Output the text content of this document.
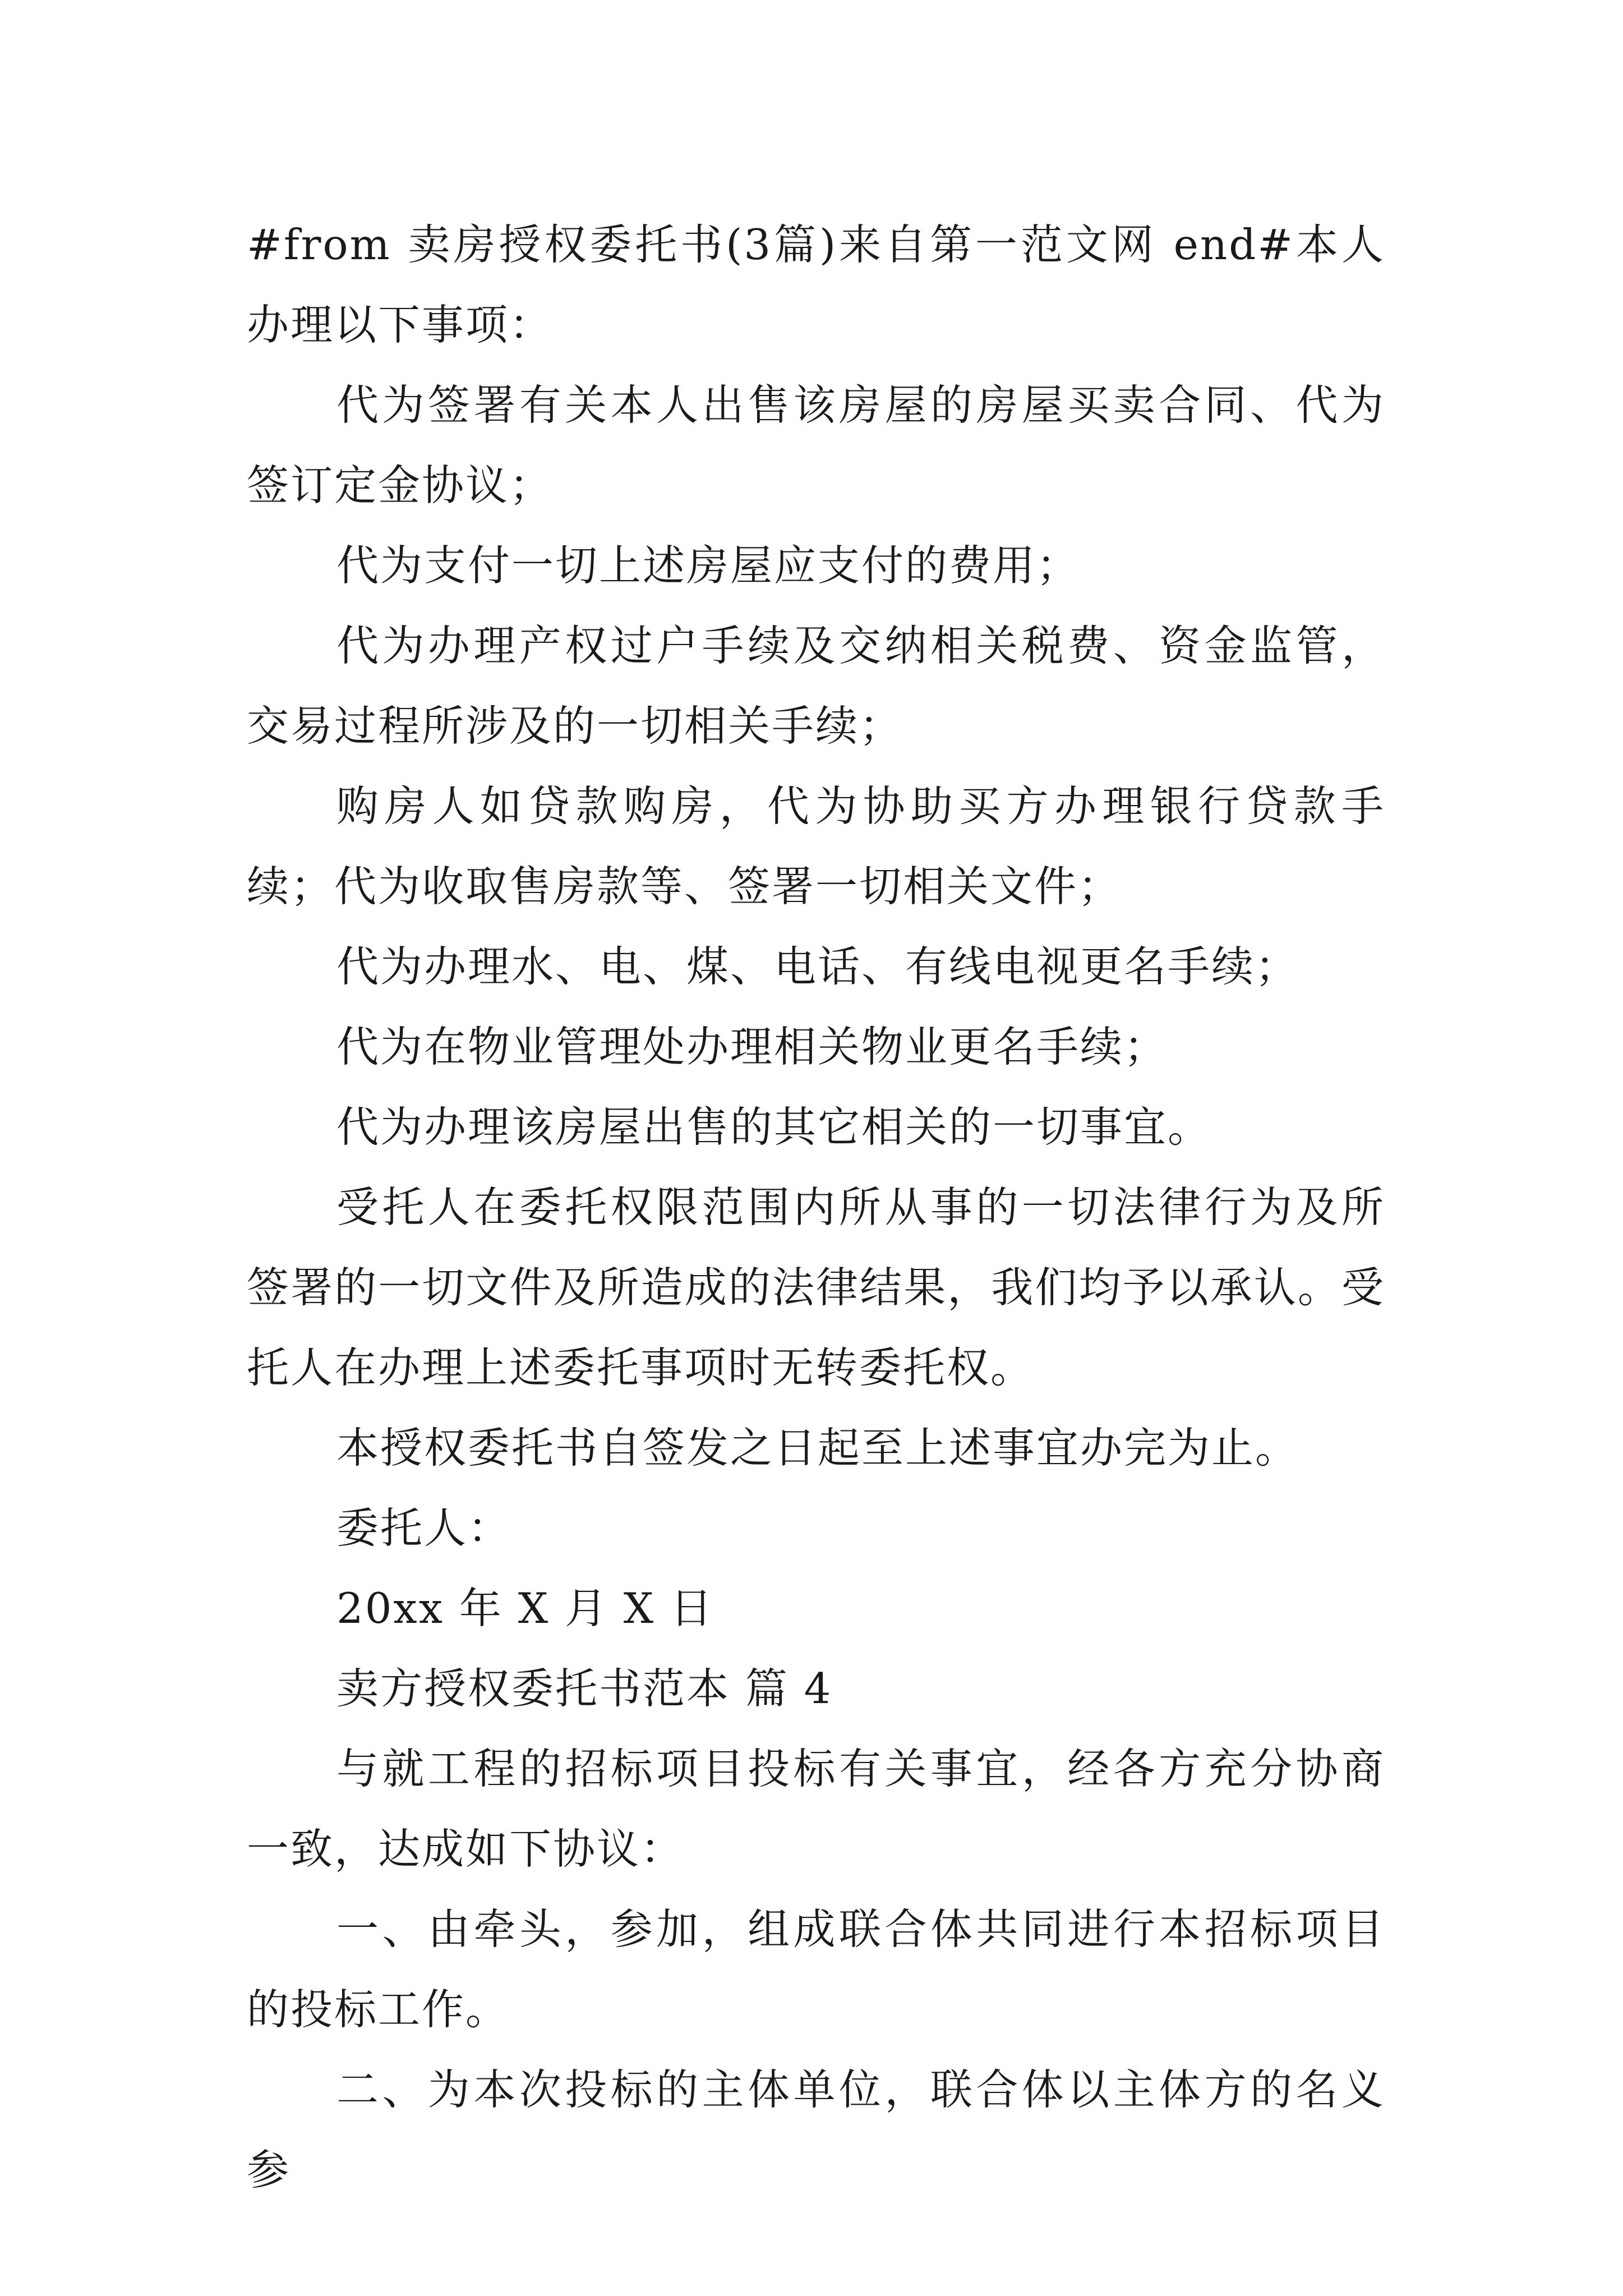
#from 卖房授权委托书(3篇)来自第一范文网 end#本人办理以下事项：

代为签署有关本人出售该房屋的房屋买卖合同、代为签订定金协议；

代为支付一切上述房屋应支付的费用；

代为办理产权过户手续及交纳相关税费、资金监管，交易过程所涉及的一切相关手续；

购房人如贷款购房，代为协助买方办理银行贷款手续；代为收取售房款等、签署一切相关文件；

代为办理水、电、煤、电话、有线电视更名手续；

代为在物业管理处办理相关物业更名手续；

代为办理该房屋出售的其它相关的一切事宜。

受托人在委托权限范围内所从事的一切法律行为及所签署的一切文件及所造成的法律结果，我们均予以承认。受托人在办理上述委托事项时无转委托权。

本授权委托书自签发之日起至上述事宜办完为止。

委托人：

20xx 年 X 月 X 日

卖方授权委托书范本 篇 4

与就工程的招标项目投标有关事宜，经各方充分协商一致，达成如下协议：

一、由牵头，参加，组成联合体共同进行本招标项目的投标工作。

二、为本次投标的主体单位，联合体以主体方的名义参
